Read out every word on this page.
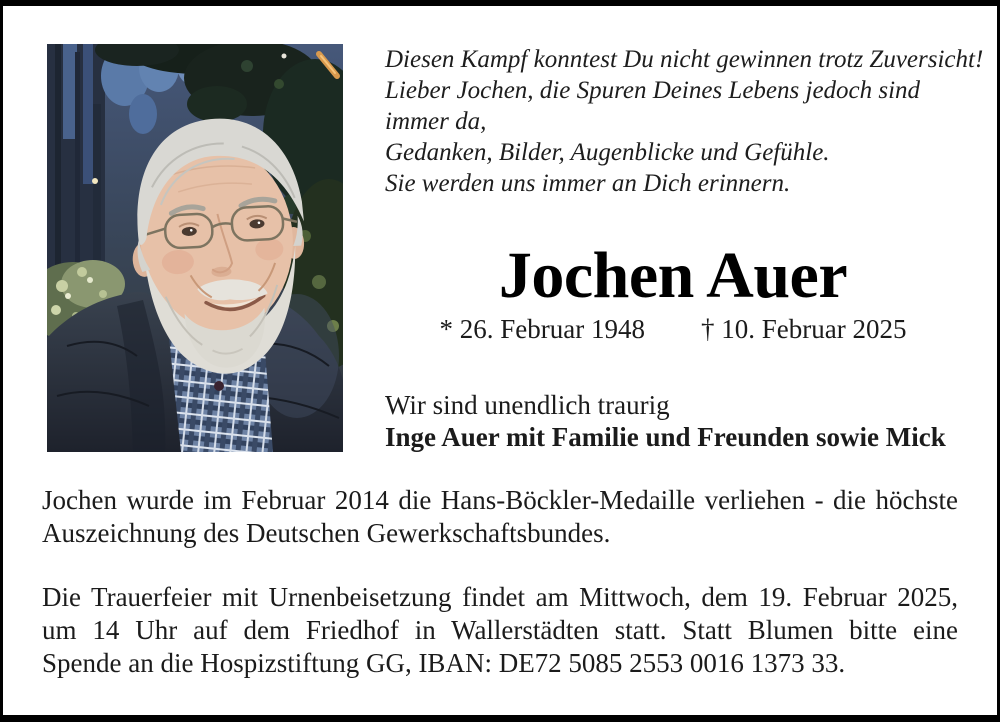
Diesen Kampf konntest Du nicht gewinnen trotz Zuversicht!
Lieber Jochen, die Spuren Deines Lebens jedoch sind
immer da,
Gedanken, Bilder, Augenblicke und Gefühle.
Sie werden uns immer an Dich erinnern.
Jochen Auer
* 26. Februar 1948 † 10. Februar 2025
Wir sind unendlich traurig
Inge Auer mit Familie und Freunden sowie Mick
Jochen wurde im Februar 2014 die Hans-Böckler-Medaille verliehen - die höchste
Auszeichnung des Deutschen Gewerkschaftsbundes.
Die Trauerfeier mit Urnenbeisetzung findet am Mittwoch, dem 19. Februar 2025,
um 14 Uhr auf dem Friedhof in Wallerstädten statt. Statt Blumen bitte eine
Spende an die Hospizstiftung GG, IBAN: DE72 5085 2553 0016 1373 33.
